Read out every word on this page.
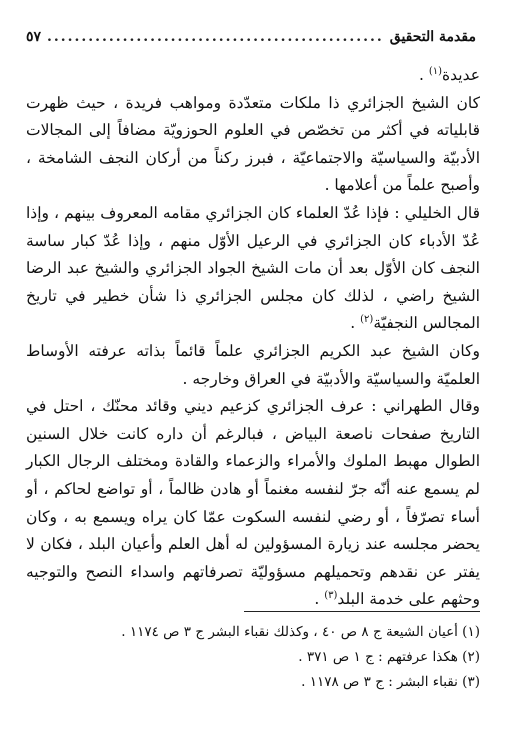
مقدمة التحقيق
.....
٥٧

عديدة$^{(١)}$ .

كان الشيخ الجزائري ذا ملكات متعدّدة ومواهب فريدة ، حيث ظهرت قابلياته في أكثر من تخصّص في العلوم الحوزويّة مضافاً إلى المجالات الأدبيّة والسياسيّة والاجتماعيّة ، فبرز ركناً من أركان النجف الشامخة ، وأصبح علماً من أعلامها .

قال الخليلي : فإذا عُدّ العلماء كان الجزائري مقامه المعروف بينهم ، وإذا عُدّ الأدباء كان الجزائري في الرعيل الأوّل منهم ، وإذا عُدّ كبار ساسة النجف كان الأوّل بعد أن مات الشيخ الجواد الجزائري والشيخ عبد الرضا الشيخ راضي ، لذلك كان مجلس الجزائري ذا شأن خطير في تاريخ المجالس النجفيّة$^{(٢)}$ .

وكان الشيخ عبد الكريم الجزائري علماً قائماً بذاته عرفته الأوساط العلميّة والسياسيّة والأدبيّة في العراق وخارجه .

وقال الطهراني : عرف الجزائري كزعيم ديني وقائد محنّك ، احتل في التاريخ صفحات ناصعة البياض ، فبالرغم أن داره كانت خلال السنين الطوال مهبط الملوك والأمراء والزعماء والقادة ومختلف الرجال الكبار لم يسمع عنه أنّه جرّ لنفسه مغنماً أو هادن ظالماً ، أو تواضع لحاكم ، أو أساء تصرّفاً ، أو رضي لنفسه السكوت عمّا كان يراه ويسمع به ، وكان يحضر مجلسه عند زيارة المسؤولين له أهل العلم وأعيان البلد ، فكان لا يفتر عن نقدهم وتحميلهم مسؤوليّة تصرفاتهم واسداء النصح والتوجيه وحثهم على خدمة البلد$^{(٣)}$ .

(١) أعيان الشيعة ج ٨ ص ٤٠ ، وكذلك نقباء البشر ج ٣ ص ١١٧٤ .
(٢) هكذا عرفتهم : ج ١ ص ٣٧١ .
(٣) نقباء البشر : ج ٣ ص ١١٧٨ .
